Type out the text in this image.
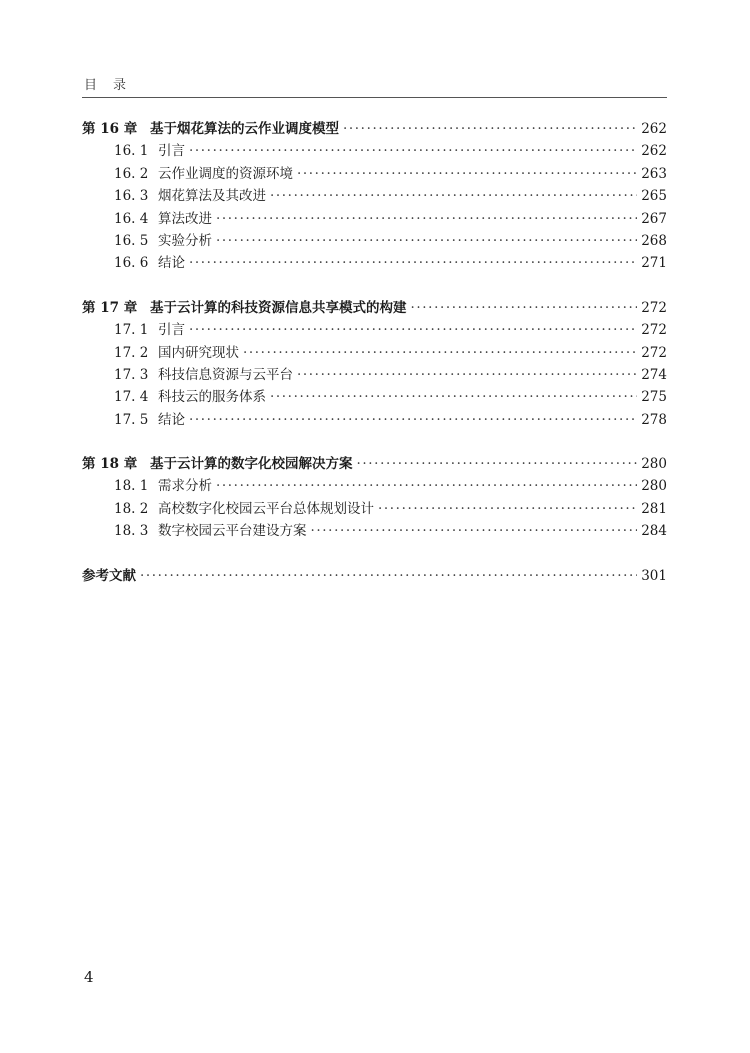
目录
第 16 章 基于烟花算法的云作业调度模型 ·····	262
16. 1 引言 ·····	262
16. 2 云作业调度的资源环境 ·····	263
16. 3 烟花算法及其改进 ·····	265
16. 4 算法改进 ·····	267
16. 5 实验分析 ·····	268
16. 6 结论 ·····	271
第 17 章 基于云计算的科技资源信息共享模式的构建 ·····	272
17. 1 引言 ·····	272
17. 2 国内研究现状 ·····	272
17. 3 科技信息资源与云平台 ·····	274
17. 4 科技云的服务体系 ·····	275
17. 5 结论 ·····	278
第 18 章 基于云计算的数字化校园解决方案 ·····	280
18. 1 需求分析 ·····	280
18. 2 高校数字化校园云平台总体规划设计 ·····	281
18. 3 数字校园云平台建设方案 ·····	284
参考文献 ·····	301
4
